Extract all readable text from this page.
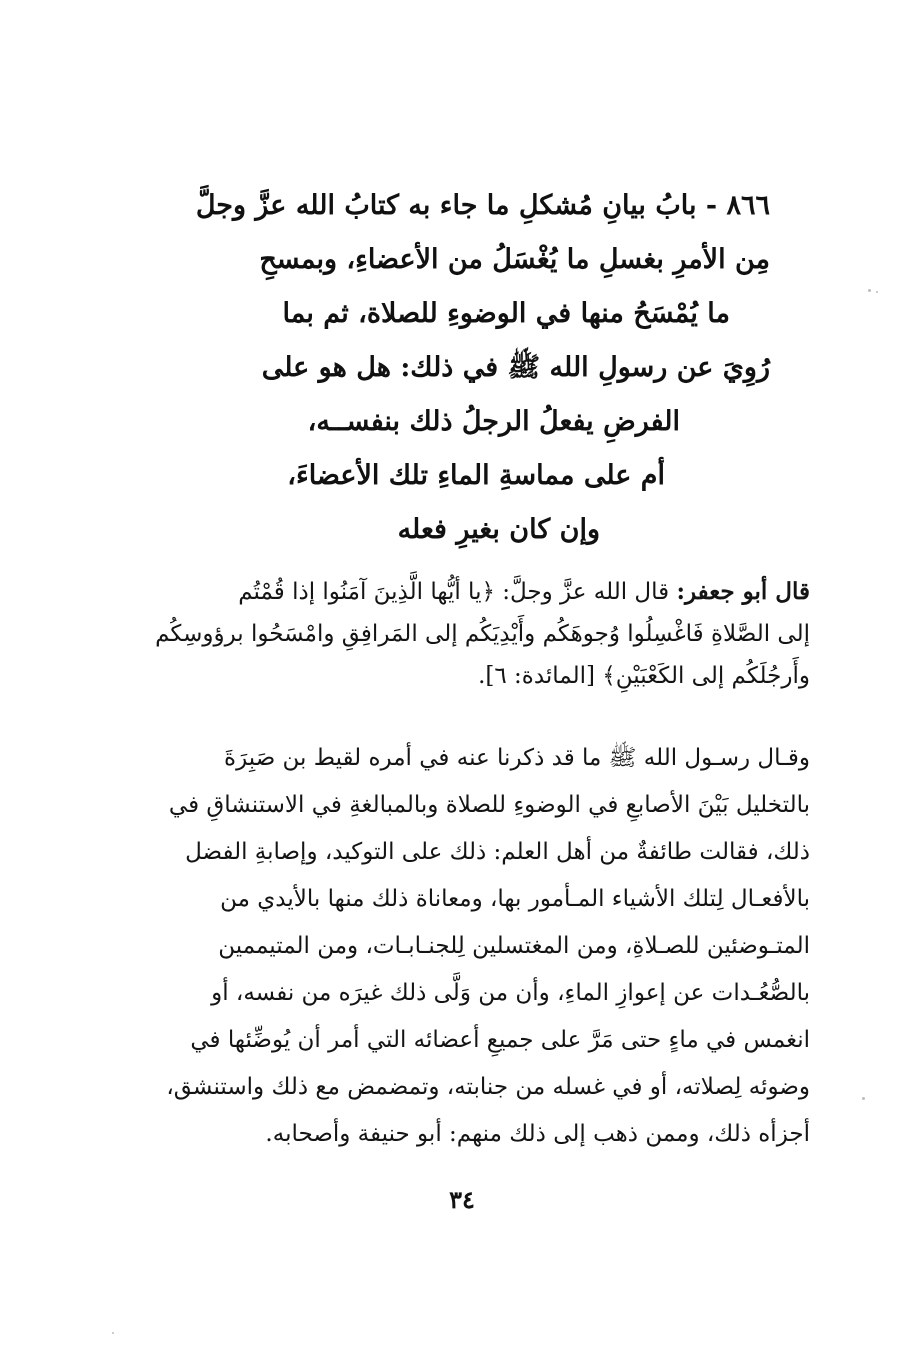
٨٦٦ - بابُ بيانِ مُشكلِ ما جاء به كتابُ الله عزَّ وجلَّ
مِن الأمرِ بغسلِ ما يُغْسَلُ من الأعضاءِ، وبمسحِ
ما يُمْسَحُ منها في الوضوءِ للصلاة، ثم بما
رُوِيَ عن رسولِ الله ﷺ في ذلك: هل هو على
الفرضِ يفعلُ الرجلُ ذلك بنفســه،
أم على مماسةِ الماءِ تلك الأعضاءَ،
وإن كان بغيرِ فعله
قال أبو جعفر: قال الله عزَّ وجلَّ: ﴿يا أيُّها الَّذِينَ آمَنُوا إذا قُمْتُم
إلى الصَّلاةِ فَاغْسِلُوا وُجوهَكُم وأَيْدِيَكُم إلى المَرافِقِ وامْسَحُوا برؤوسِكُم
وأَرجُلَكُم إلى الكَعْبَيْنِ﴾ [المائدة: ٦].
وقـال رسـول الله ﷺ ما قد ذكرنا عنه في أمره لقيط بن صَبِرَةَ
بالتخليل بَيْنَ الأصابعِ في الوضوءِ للصلاة وبالمبالغةِ في الاستنشاقِ في
ذلك، فقالت طائفةٌ من أهل العلم: ذلك على التوكيد، وإصابةِ الفضل
بالأفعـال لِتلك الأشياء المـأمور بها، ومعاناة ذلك منها بالأيدي من
المتـوضئين للصـلاةِ، ومن المغتسلين لِلجنـابـات، ومن المتيممين
بالصُّعُـدات عن إعوازِ الماءِ، وأن من وَلَّى ذلك غيرَه من نفسه، أو
انغمس في ماءٍ حتى مَرَّ على جميعِ أعضائه التي أمر أن يُوضِّئها في
وضوئه لِصلاته، أو في غسله من جنابته، وتمضمض مع ذلك واستنشق،
أجزأه ذلك، وممن ذهب إلى ذلك منهم: أبو حنيفة وأصحابه.
٣٤
